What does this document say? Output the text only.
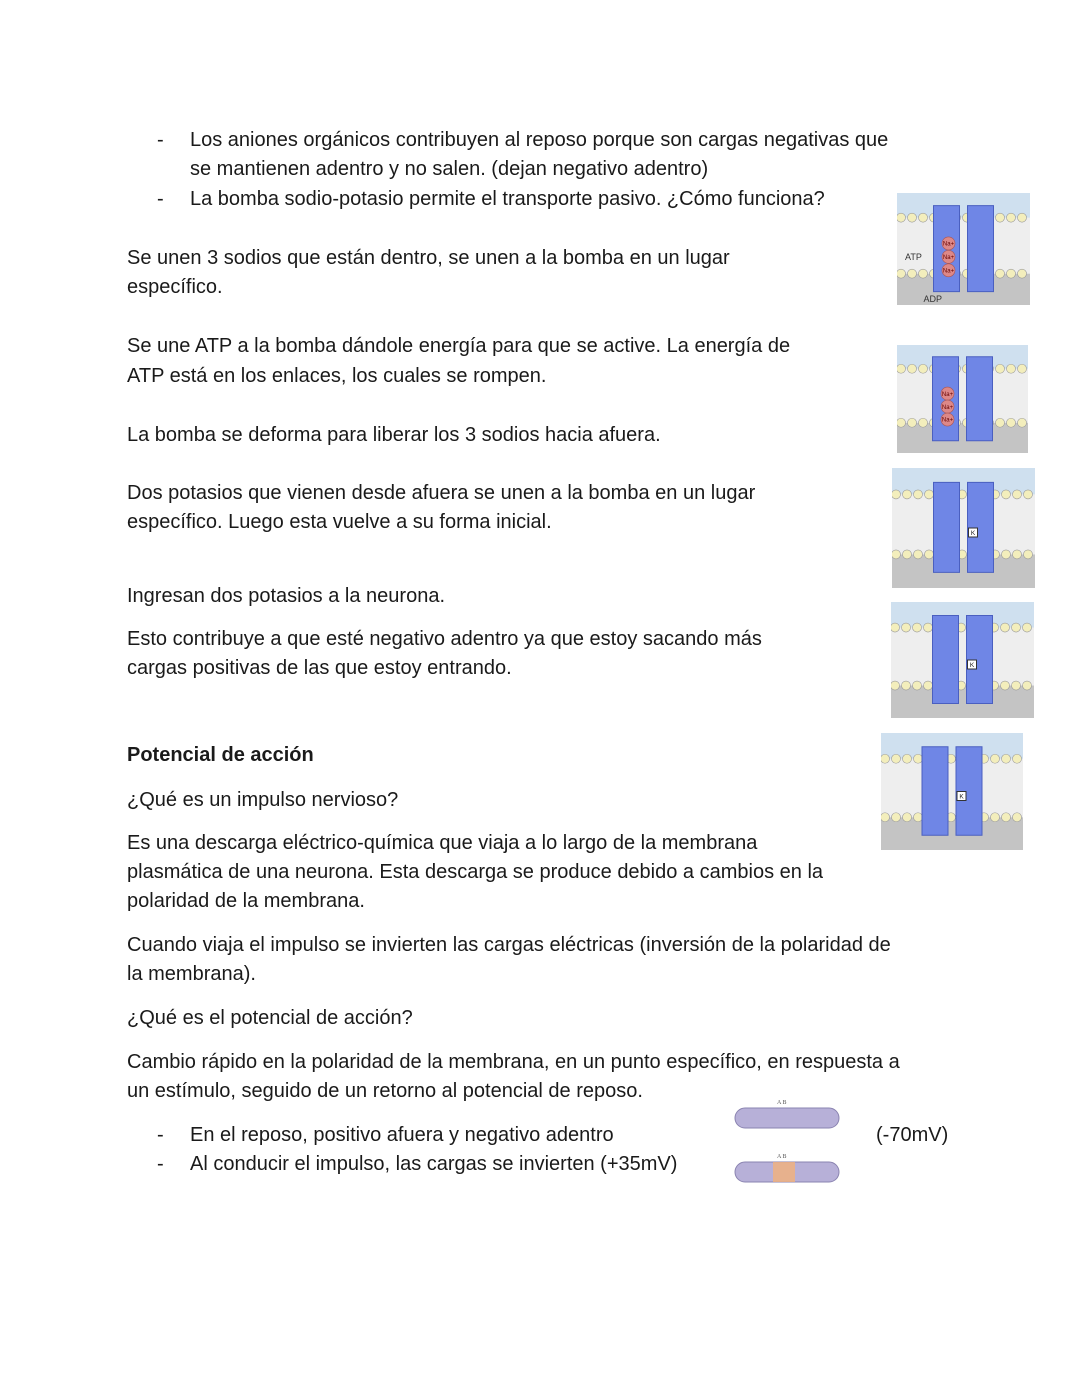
- Los aniones orgánicos contribuyen al reposo porque son cargas negativas que
se mantienen adentro y no salen. (dejan negativo adentro)
- La bomba sodio-potasio permite el transporte pasivo. ¿Cómo funciona?
Se unen 3 sodios que están dentro, se unen a la bomba en un lugar
específico.
Se une ATP a la bomba dándole energía para que se active. La energía de
ATP está en los enlaces, los cuales se rompen.
La bomba se deforma para liberar los 3 sodios hacia afuera.
Dos potasios que vienen desde afuera se unen a la bomba en un lugar
específico. Luego esta vuelve a su forma inicial.
Ingresan dos potasios a la neurona.
Esto contribuye a que esté negativo adentro ya que estoy sacando más
cargas positivas de las que estoy entrando.
Potencial de acción
¿Qué es un impulso nervioso?
Es una descarga eléctrico-química que viaja a lo largo de la membrana
plasmática de una neurona. Esta descarga se produce debido a cambios en la
polaridad de la membrana.
Cuando viaja el impulso se invierten las cargas eléctricas (inversión de la polaridad de
la membrana).
¿Qué es el potencial de acción?
Cambio rápido en la polaridad de la membrana, en un punto específico, en respuesta a
un estímulo, seguido de un retorno al potencial de reposo.
- En el reposo, positivo afuera y negativo adentro
- Al conducir el impulso, las cargas se invierten (+35mV)
(-70mV)
ATP
ADP
Na+
Na+
Na+
Na+
Na+
Na+
K
K
K
A B
A B
